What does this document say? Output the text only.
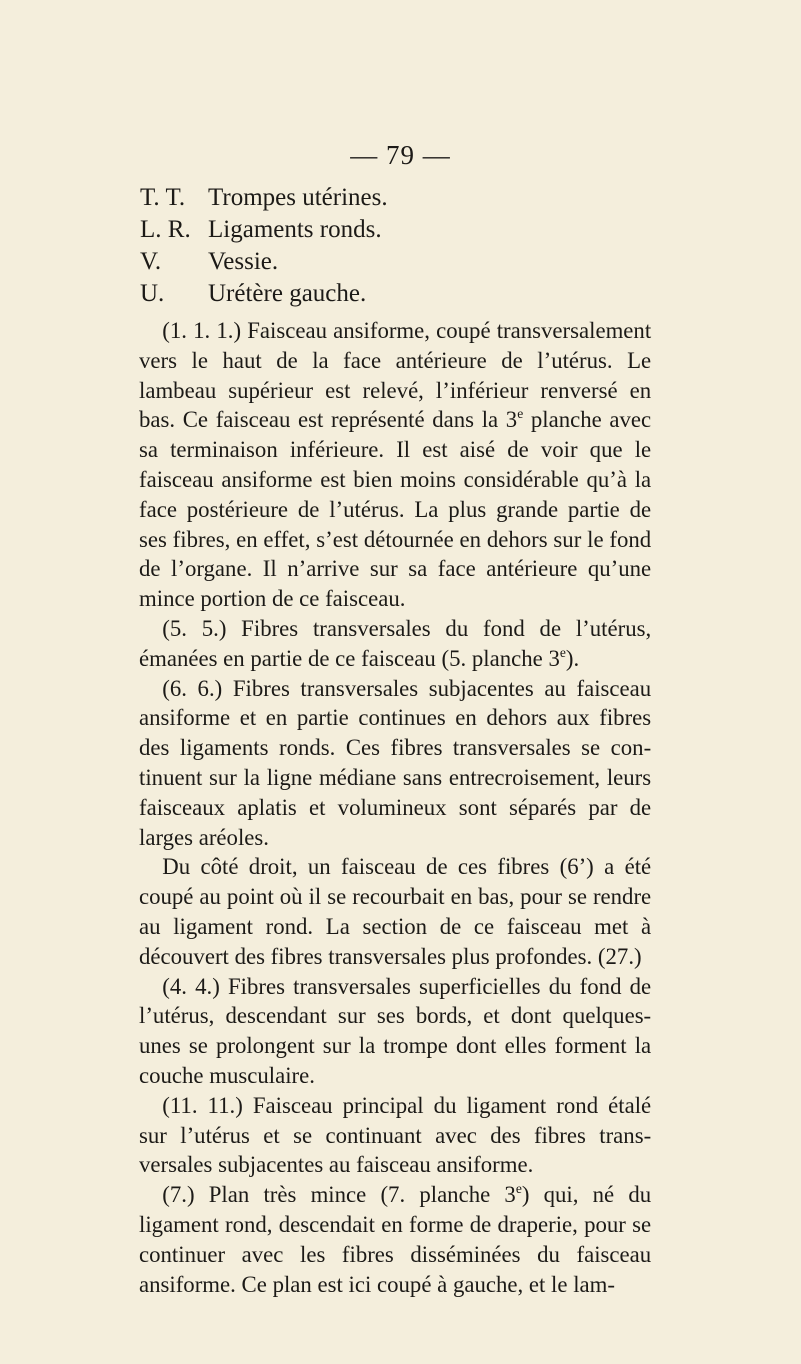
— 79 —
T. T. Trompes utérines.
L. R. Ligaments ronds.
V.	Vessie.
U.	Urétère gauche.

(1. 1. 1.) Faisceau ansiforme, coupé transversalement vers le haut de la face antérieure de l’utérus. Le lambeau supérieur est relevé, l’inférieur renversé en bas. Ce faisceau est représenté dans la 3e planche avec sa terminaison inférieure. Il est aisé de voir que le faisceau ansiforme est bien moins considérable qu’à la face postérieure de l’utérus. La plus grande partie de ses fibres, en effet, s’est détournée en dehors sur le fond de l’organe. Il n’arrive sur sa face antérieure qu’une mince portion de ce faisceau.

(5. 5.) Fibres transversales du fond de l’utérus, émanées en partie de ce faisceau (5. planche 3e).

(6. 6.) Fibres transversales subjacentes au faisceau ansiforme et en partie continues en dehors aux fibres des ligaments ronds. Ces fibres transversales se continuent sur la ligne médiane sans entrecroisement, leurs faisceaux aplatis et volumineux sont séparés par de larges aréoles.

Du côté droit, un faisceau de ces fibres (6’) a été coupé au point où il se recourbait en bas, pour se rendre au ligament rond. La section de ce faisceau met à découvert des fibres transversales plus profondes. (27.)

(4. 4.) Fibres transversales superficielles du fond de l’utérus, descendant sur ses bords, et dont quelques-unes se prolongent sur la trompe dont elles forment la couche musculaire.

(11. 11.) Faisceau principal du ligament rond étalé sur l’utérus et se continuant avec des fibres transversales subjacentes au faisceau ansiforme.

(7.) Plan très mince (7. planche 3e) qui, né du ligament rond, descendait en forme de draperie, pour se continuer avec les fibres disséminées du faisceau ansiforme. Ce plan est ici coupé à gauche, et le lam-
